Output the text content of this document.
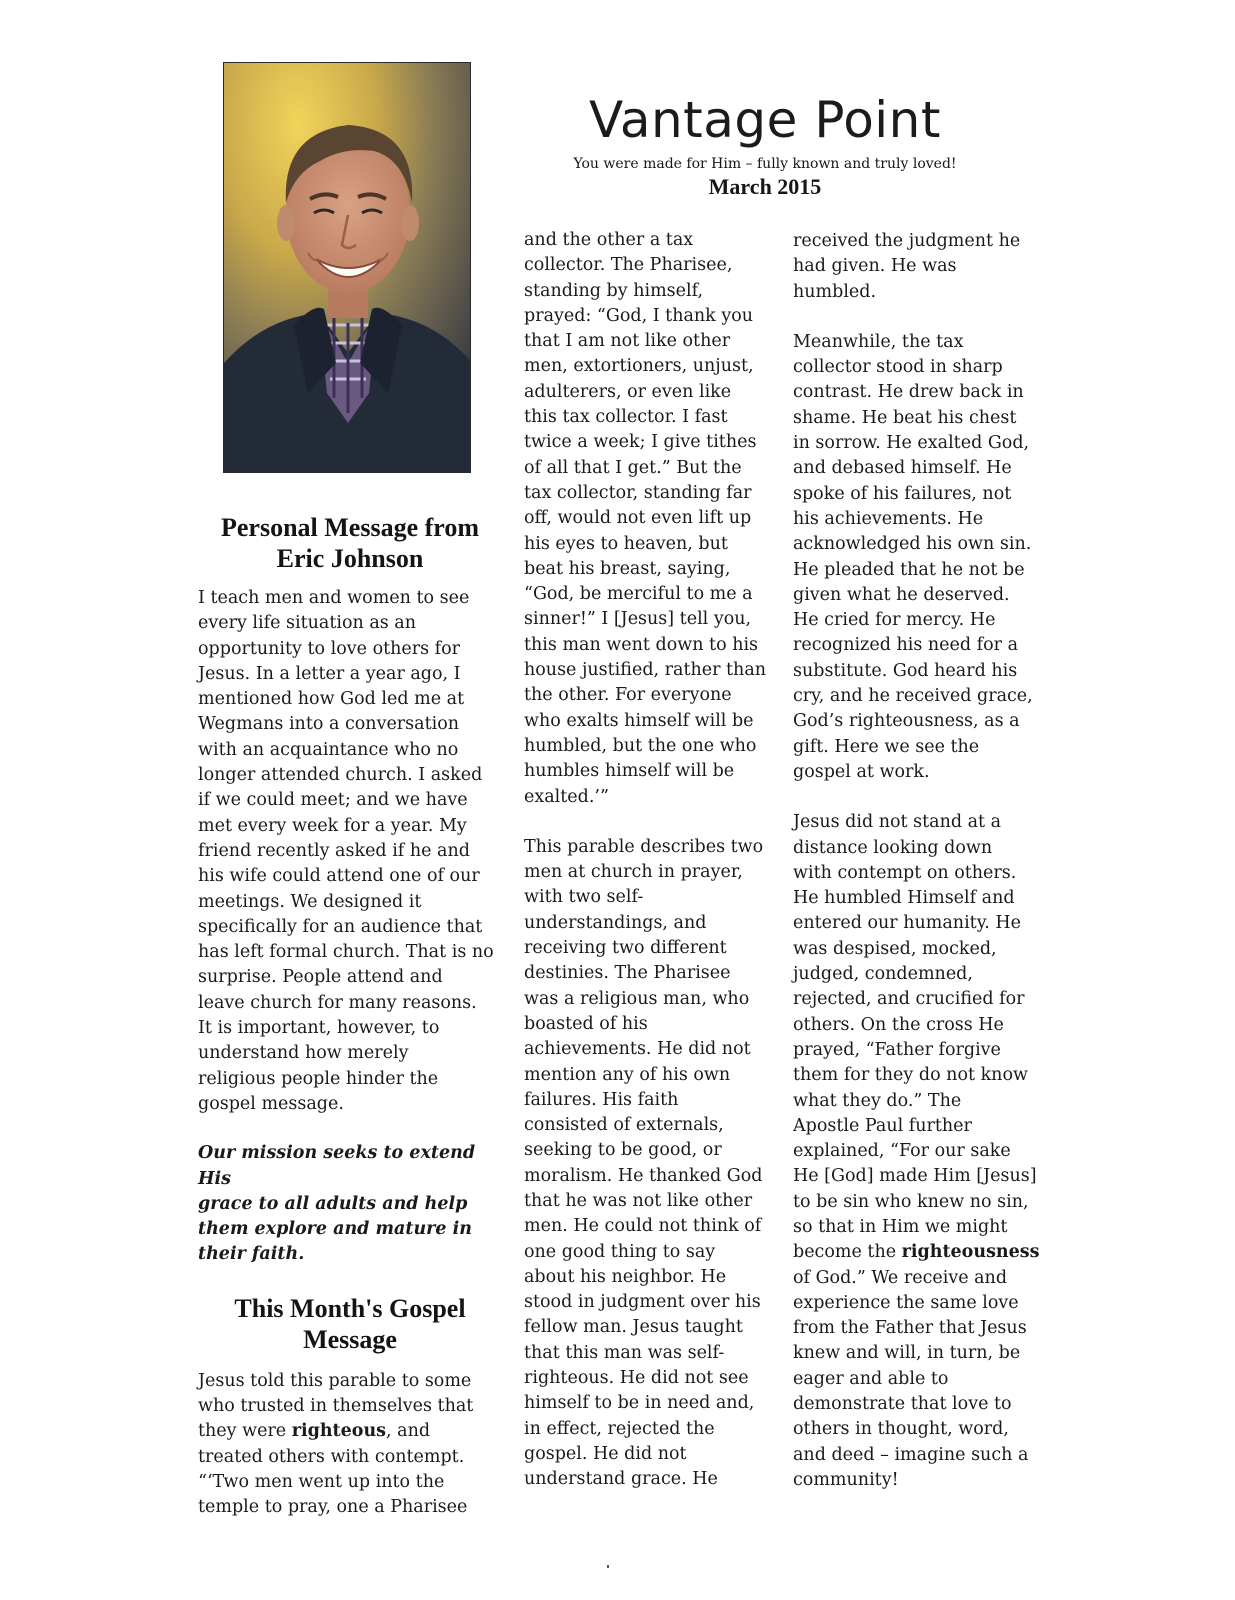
Vantage Point
You were made for Him – fully known and truly loved!
March 2015

Personal Message from
Eric Johnson

I teach men and women to see
every life situation as an
opportunity to love others for
Jesus. In a letter a year ago, I
mentioned how God led me at
Wegmans into a conversation
with an acquaintance who no
longer attended church. I asked
if we could meet; and we have
met every week for a year. My
friend recently asked if he and
his wife could attend one of our
meetings. We designed it
specifically for an audience that
has left formal church. That is no
surprise. People attend and
leave church for many reasons.
It is important, however, to
understand how merely
religious people hinder the
gospel message.

Our mission seeks to extend His
grace to all adults and help
them explore and mature in
their faith.

This Month's Gospel
Message

Jesus told this parable to some
who trusted in themselves that
they were righteous, and
treated others with contempt.
“‘Two men went up into the
temple to pray, one a Pharisee

and the other a tax
collector. The Pharisee,
standing by himself,
prayed: “God, I thank you
that I am not like other
men, extortioners, unjust,
adulterers, or even like
this tax collector. I fast
twice a week; I give tithes
of all that I get.” But the
tax collector, standing far
off, would not even lift up
his eyes to heaven, but
beat his breast, saying,
“God, be merciful to me a
sinner!” I [Jesus] tell you,
this man went down to his
house justified, rather than
the other. For everyone
who exalts himself will be
humbled, but the one who
humbles himself will be
exalted.’”

This parable describes two
men at church in prayer,
with two self-
understandings, and
receiving two different
destinies. The Pharisee
was a religious man, who
boasted of his
achievements. He did not
mention any of his own
failures. His faith
consisted of externals,
seeking to be good, or
moralism. He thanked God
that he was not like other
men. He could not think of
one good thing to say
about his neighbor. He
stood in judgment over his
fellow man. Jesus taught
that this man was self-
righteous. He did not see
himself to be in need and,
in effect, rejected the
gospel. He did not
understand grace. He

received the judgment he
had given. He was
humbled.

Meanwhile, the tax
collector stood in sharp
contrast. He drew back in
shame. He beat his chest
in sorrow. He exalted God,
and debased himself. He
spoke of his failures, not
his achievements. He
acknowledged his own sin.
He pleaded that he not be
given what he deserved.
He cried for mercy. He
recognized his need for a
substitute. God heard his
cry, and he received grace,
God’s righteousness, as a
gift. Here we see the
gospel at work.

Jesus did not stand at a
distance looking down
with contempt on others.
He humbled Himself and
entered our humanity. He
was despised, mocked,
judged, condemned,
rejected, and crucified for
others. On the cross He
prayed, “Father forgive
them for they do not know
what they do.” The
Apostle Paul further
explained, “For our sake
He [God] made Him [Jesus]
to be sin who knew no sin,
so that in Him we might
become the righteousness
of God.” We receive and
experience the same love
from the Father that Jesus
knew and will, in turn, be
eager and able to
demonstrate that love to
others in thought, word,
and deed – imagine such a
community!
